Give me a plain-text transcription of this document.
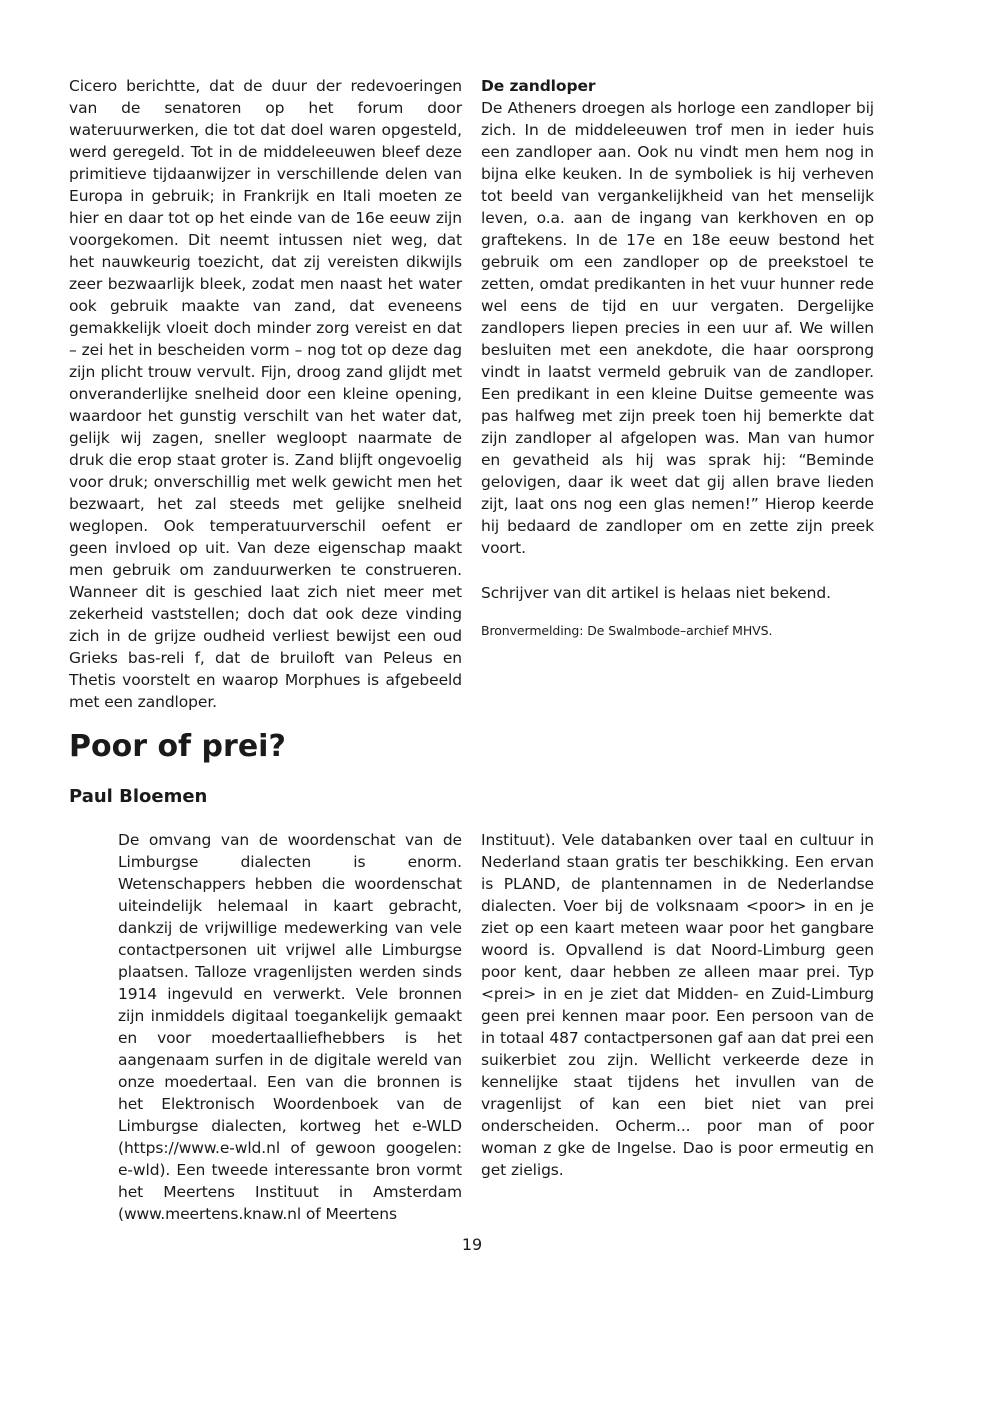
Cicero berichtte, dat de duur der redevoeringen van de senatoren op het forum door wateruurwerken, die tot dat doel waren opgesteld, werd geregeld. Tot in de middeleeuwen bleef deze primitieve tijdaanwijzer in verschillende delen van Europa in gebruik; in Frankrijk en Itali moeten ze hier en daar tot op het einde van de 16e eeuw zijn voorgekomen. Dit neemt intussen niet weg, dat het nauwkeurig toezicht, dat zij vereisten dikwijls zeer bezwaarlijk bleek, zodat men naast het water ook gebruik maakte van zand, dat eveneens gemakkelijk vloeit doch minder zorg vereist en dat – zei het in bescheiden vorm – nog tot op deze dag zijn plicht trouw vervult. Fijn, droog zand glijdt met onveranderlijke snelheid door een kleine opening, waardoor het gunstig verschilt van het water dat, gelijk wij zagen, sneller wegloopt naarmate de druk die erop staat groter is. Zand blijft ongevoelig voor druk; onverschillig met welk gewicht men het bezwaart, het zal steeds met gelijke snelheid weglopen. Ook temperatuurverschil oefent er geen invloed op uit. Van deze eigenschap maakt men gebruik om zanduurwerken te construeren. Wanneer dit is geschied laat zich niet meer met zekerheid vaststellen; doch dat ook deze vinding zich in de grijze oudheid verliest bewijst een oud Grieks bas-reli f, dat de bruiloft van Peleus en Thetis voorstelt en waarop Morphues is afgebeeld met een zandloper.

De zandloper

De Atheners droegen als horloge een zandloper bij zich. In de middeleeuwen trof men in ieder huis een zandloper aan. Ook nu vindt men hem nog in bijna elke keuken. In de symboliek is hij verheven tot beeld van vergankelijkheid van het menselijk leven, o.a. aan de ingang van kerkhoven en op graftekens. In de 17e en 18e eeuw bestond het gebruik om een zandloper op de preekstoel te zetten, omdat predikanten in het vuur hunner rede wel eens de tijd en uur vergaten. Dergelijke zandlopers liepen precies in een uur af. We willen besluiten met een anekdote, die haar oorsprong vindt in laatst vermeld gebruik van de zandloper. Een predikant in een kleine Duitse gemeente was pas halfweg met zijn preek toen hij bemerkte dat zijn zandloper al afgelopen was. Man van humor en gevatheid als hij was sprak hij: “Beminde gelovigen, daar ik weet dat gij allen brave lieden zijt, laat ons nog een glas nemen!” Hierop keerde hij bedaard de zandloper om en zette zijn preek voort.

Schrijver van dit artikel is helaas niet bekend.

Bronvermelding: De Swalmbode–archief MHVS.

Poor of prei?
Paul Bloemen

De omvang van de woordenschat van de Limburgse dialecten is enorm. Wetenschappers hebben die woordenschat uiteindelijk helemaal in kaart gebracht, dankzij de vrijwillige medewerking van vele contactpersonen uit vrijwel alle Limburgse plaatsen. Talloze vragenlijsten werden sinds 1914 ingevuld en verwerkt. Vele bronnen zijn inmiddels digitaal toegankelijk gemaakt en voor moedertaalliefhebbers is het aangenaam surfen in de digitale wereld van onze moedertaal. Een van die bronnen is het Elektronisch Woordenboek van de Limburgse dialecten, kortweg het e-WLD (https://www.e-wld.nl of gewoon googelen: e-wld). Een tweede interessante bron vormt het Meertens Instituut in Amsterdam (www.meertens.knaw.nl of Meertens

Instituut). Vele databanken over taal en cultuur in Nederland staan gratis ter beschikking. Een ervan is PLAND, de plantennamen in de Nederlandse dialecten. Voer bij de volksnaam <poor> in en je ziet op een kaart meteen waar poor het gangbare woord is. Opvallend is dat Noord-Limburg geen poor kent, daar hebben ze alleen maar prei. Typ <prei> in en je ziet dat Midden- en Zuid-Limburg geen prei kennen maar poor. Een persoon van de in totaal 487 contactpersonen gaf aan dat prei een suikerbiet zou zijn. Wellicht verkeerde deze in kennelijke staat tijdens het invullen van de vragenlijst of kan een biet niet van prei onderscheiden. Ocherm... poor man of poor woman z gke de Ingelse. Dao is poor ermeutig en get zieligs.

19
